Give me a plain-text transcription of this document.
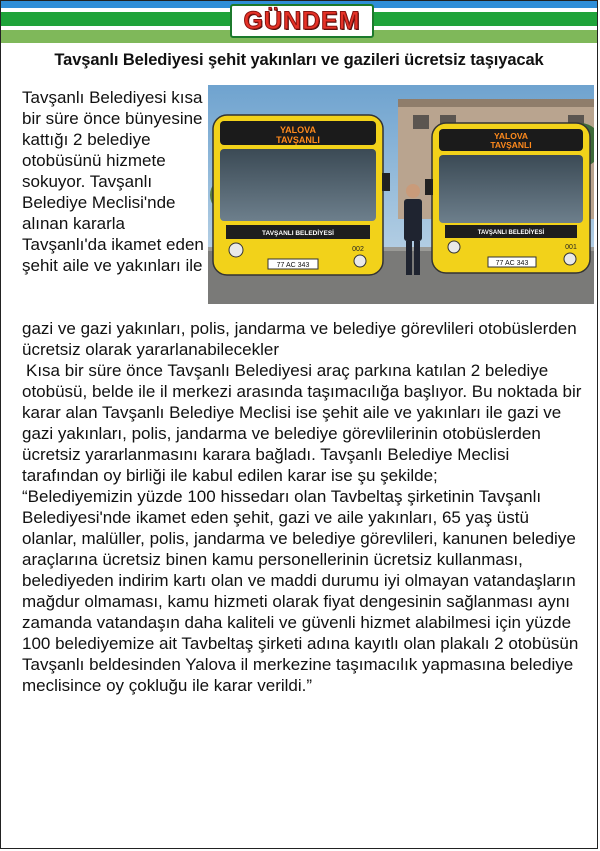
GÜNDEM
Tavşanlı Belediyesi şehit yakınları ve gazileri ücretsiz taşıyacak
Tavşanlı Belediyesi kısa bir süre önce bünyesine kattığı 2 belediye otobüsünü hizmete sokuyor. Tavşanlı Belediye Meclisi'nde alınan kararla Tavşanlı'da ikamet eden şehit aile ve yakınları ile
YALOVA
TAVŞANLI
TAVŞANLI BELEDİYESİ
002
77 AC 343
YALOVA
TAVŞANLI
TAVŞANLI BELEDİYESİ
001
77 AC 343

gazi ve gazi yakınları, polis, jandarma ve belediye görevlileri otobüslerden ücretsiz olarak yararlanabilecekler

Kısa bir süre önce Tavşanlı Belediyesi araç parkına katılan 2 belediye otobüsü, belde ile il merkezi arasında taşımacılığa başlıyor. Bu noktada bir karar alan Tavşanlı Belediye Meclisi ise şehit aile ve yakınları ile gazi ve gazi yakınları, polis, jandarma ve belediye görevlilerinin otobüslerden ücretsiz yararlanmasını karara bağladı. Tavşanlı Belediye Meclisi tarafından oy birliği ile kabul edilen karar ise şu şekilde;

“Belediyemizin yüzde 100 hissedarı olan Tavbeltaş şirketinin Tavşanlı Belediyesi'nde ikamet eden şehit, gazi ve aile yakınları, 65 yaş üstü olanlar, malüller, polis, jandarma ve belediye görevlileri, kanunen belediye araçlarına ücretsiz binen kamu personellerinin ücretsiz kullanması, belediyeden indirim kartı olan ve maddi durumu iyi olmayan vatandaşların mağdur olmaması, kamu hizmeti olarak fiyat dengesinin sağlanması aynı zamanda vatandaşın daha kaliteli ve güvenli hizmet alabilmesi için yüzde 100 belediyemize ait Tavbeltaş şirketi adına kayıtlı olan plakalı 2 otobüsün Tavşanlı beldesinden Yalova il merkezine taşımacılık yapmasına belediye meclisince oy çokluğu ile karar verildi.”
